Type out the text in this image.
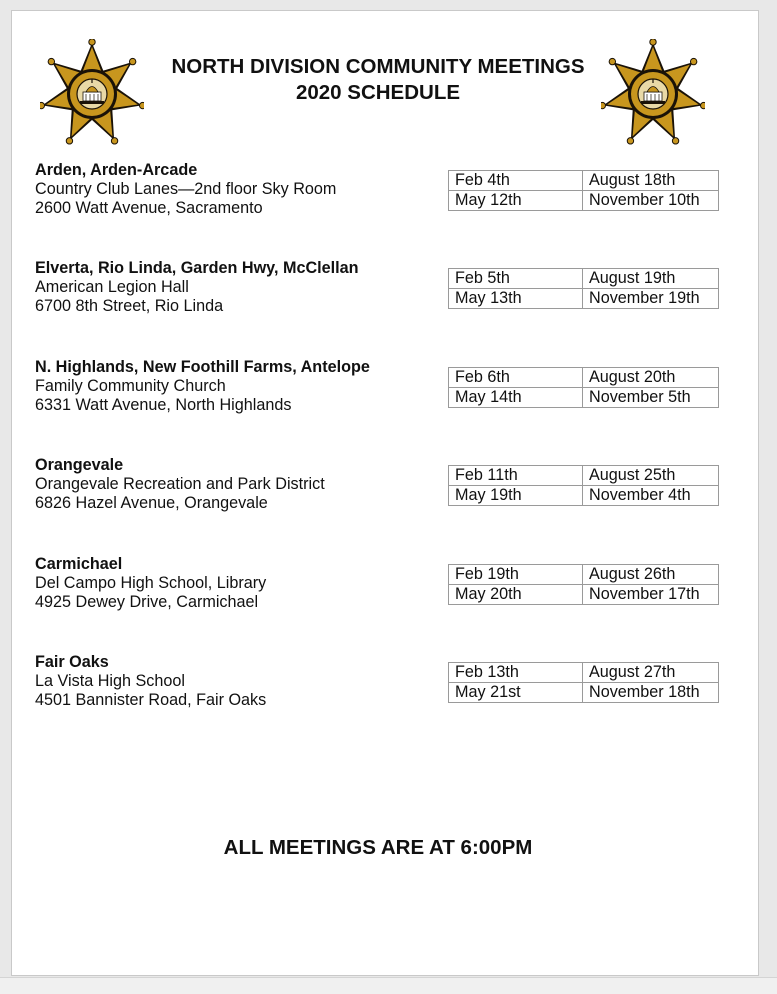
NORTH DIVISION COMMUNITY MEETINGS
2020 SCHEDULE
Arden, Arden-Arcade
Country Club Lanes—2nd floor Sky Room
2600 Watt Avenue, Sacramento
Feb 4th	August 18th
May 12th	November 10th
Elverta, Rio Linda, Garden Hwy, McClellan
American Legion Hall
6700 8th Street, Rio Linda
Feb 5th	August 19th
May 13th	November 19th
N. Highlands, New Foothill Farms, Antelope
Family Community Church
6331 Watt Avenue, North Highlands
Feb 6th	August 20th
May 14th	November 5th
Orangevale
Orangevale Recreation and Park District
6826 Hazel Avenue, Orangevale
Feb 11th	August 25th
May 19th	November 4th
Carmichael
Del Campo High School, Library
4925 Dewey Drive, Carmichael
Feb 19th	August 26th
May 20th	November 17th
Fair Oaks
La Vista High School
4501 Bannister Road, Fair Oaks
Feb 13th	August 27th
May 21st	November 18th
ALL MEETINGS ARE AT 6:00PM
